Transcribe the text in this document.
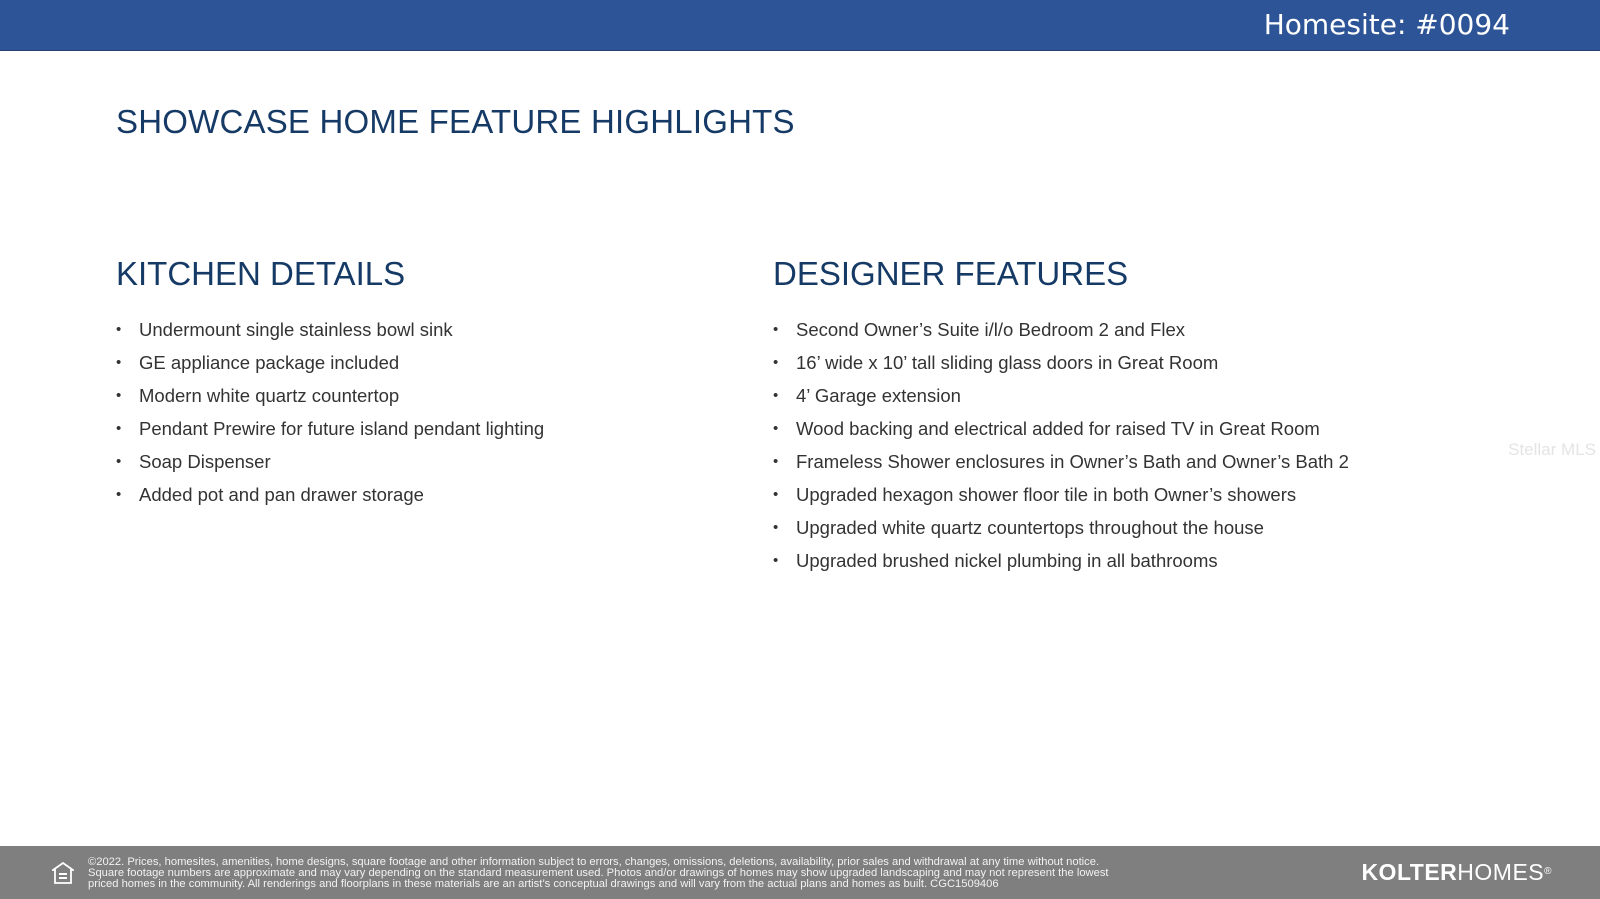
Homesite: #0094
SHOWCASE HOME FEATURE HIGHLIGHTS
KITCHEN DETAILS
• Undermount single stainless bowl sink
• GE appliance package included
• Modern white quartz countertop
• Pendant Prewire for future island pendant lighting
• Soap Dispenser
• Added pot and pan drawer storage
DESIGNER FEATURES
• Second Owner’s Suite i/l/o Bedroom 2 and Flex
• 16’ wide x 10’ tall sliding glass doors in Great Room
• 4’ Garage extension
• Wood backing and electrical added for raised TV in Great Room
• Frameless Shower enclosures in Owner’s Bath and Owner’s Bath 2
• Upgraded hexagon shower floor tile in both Owner’s showers
• Upgraded white quartz countertops throughout the house
• Upgraded brushed nickel plumbing in all bathrooms
Stellar MLS
©2022. Prices, homesites, amenities, home designs, square footage and other information subject to errors, changes, omissions, deletions, availability, prior sales and withdrawal at any time without notice.
Square footage numbers are approximate and may vary depending on the standard measurement used. Photos and/or drawings of homes may show upgraded landscaping and may not represent the lowest
priced homes in the community. All renderings and floorplans in these materials are an artist’s conceptual drawings and will vary from the actual plans and homes as built. CGC1509406	KOLTERHOMES®
